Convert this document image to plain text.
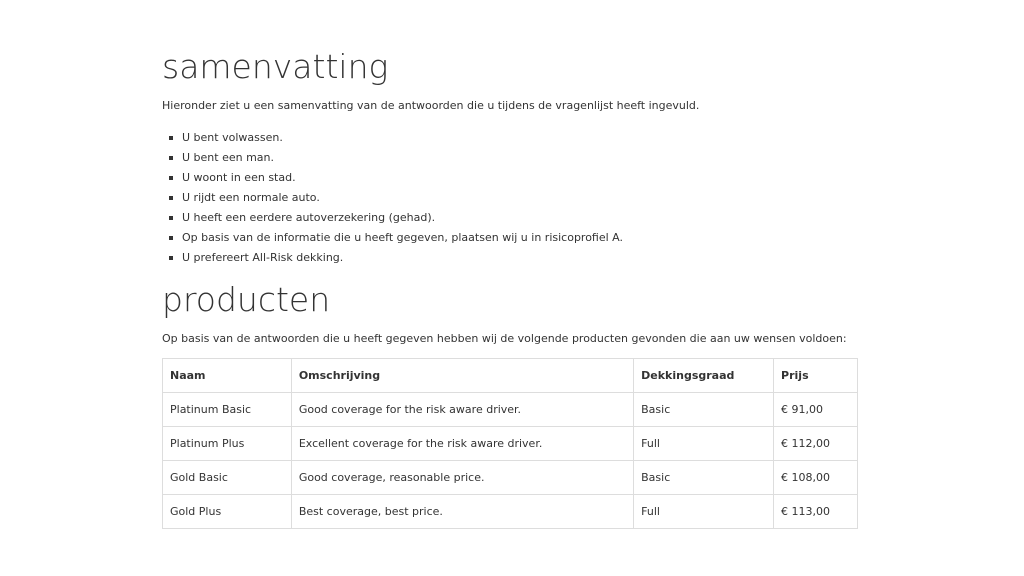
samenvatting
Hieronder ziet u een samenvatting van de antwoorden die u tijdens de vragenlijst heeft ingevuld.
U bent volwassen.
U bent een man.
U woont in een stad.
U rijdt een normale auto.
U heeft een eerdere autoverzekering (gehad).
Op basis van de informatie die u heeft gegeven, plaatsen wij u in risicoprofiel A.
U prefereert All-Risk dekking.
producten
Op basis van de antwoorden die u heeft gegeven hebben wij de volgende producten gevonden die aan uw wensen voldoen:
Naam	Omschrijving	Dekkingsgraad	Prijs
Platinum Basic	Good coverage for the risk aware driver.	Basic	€ 91,00
Platinum Plus	Excellent coverage for the risk aware driver.	Full	€ 112,00
Gold Basic	Good coverage, reasonable price.	Basic	€ 108,00
Gold Plus	Best coverage, best price.	Full	€ 113,00
